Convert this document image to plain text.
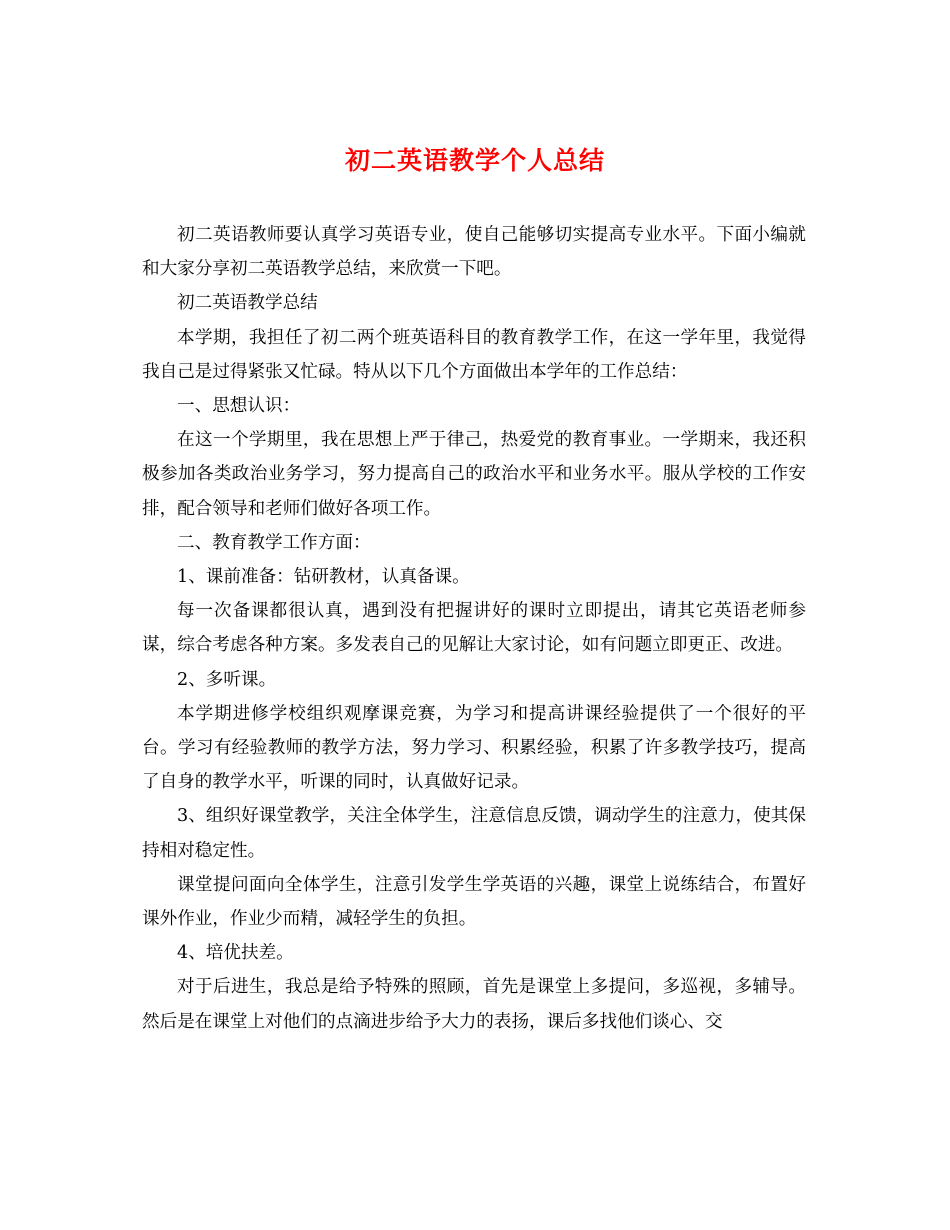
初二英语教学个人总结

初二英语教师要认真学习英语专业，使自己能够切实提高专业水平。下面小编就和大家分享初二英语教学总结，来欣赏一下吧。

初二英语教学总结

本学期，我担任了初二两个班英语科目的教育教学工作，在这一学年里，我觉得我自己是过得紧张又忙碌。特从以下几个方面做出本学年的工作总结：

一、思想认识：

在这一个学期里，我在思想上严于律己，热爱党的教育事业。一学期来，我还积极参加各类政治业务学习，努力提高自己的政治水平和业务水平。服从学校的工作安排，配合领导和老师们做好各项工作。

二、教育教学工作方面：

1、课前准备：钻研教材，认真备课。

每一次备课都很认真，遇到没有把握讲好的课时立即提出，请其它英语老师参谋，综合考虑各种方案。多发表自己的见解让大家讨论，如有问题立即更正、改进。

2、多听课。

本学期进修学校组织观摩课竞赛，为学习和提高讲课经验提供了一个很好的平台。学习有经验教师的教学方法，努力学习、积累经验，积累了许多教学技巧，提高了自身的教学水平，听课的同时，认真做好记录。

3、组织好课堂教学，关注全体学生，注意信息反馈，调动学生的注意力，使其保持相对稳定性。

课堂提问面向全体学生，注意引发学生学英语的兴趣，课堂上说练结合，布置好课外作业，作业少而精，减轻学生的负担。

4、培优扶差。

对于后进生，我总是给予特殊的照顾，首先是课堂上多提问，多巡视，多辅导。然后是在课堂上对他们的点滴进步给予大力的表扬，课后多找他们谈心、交
